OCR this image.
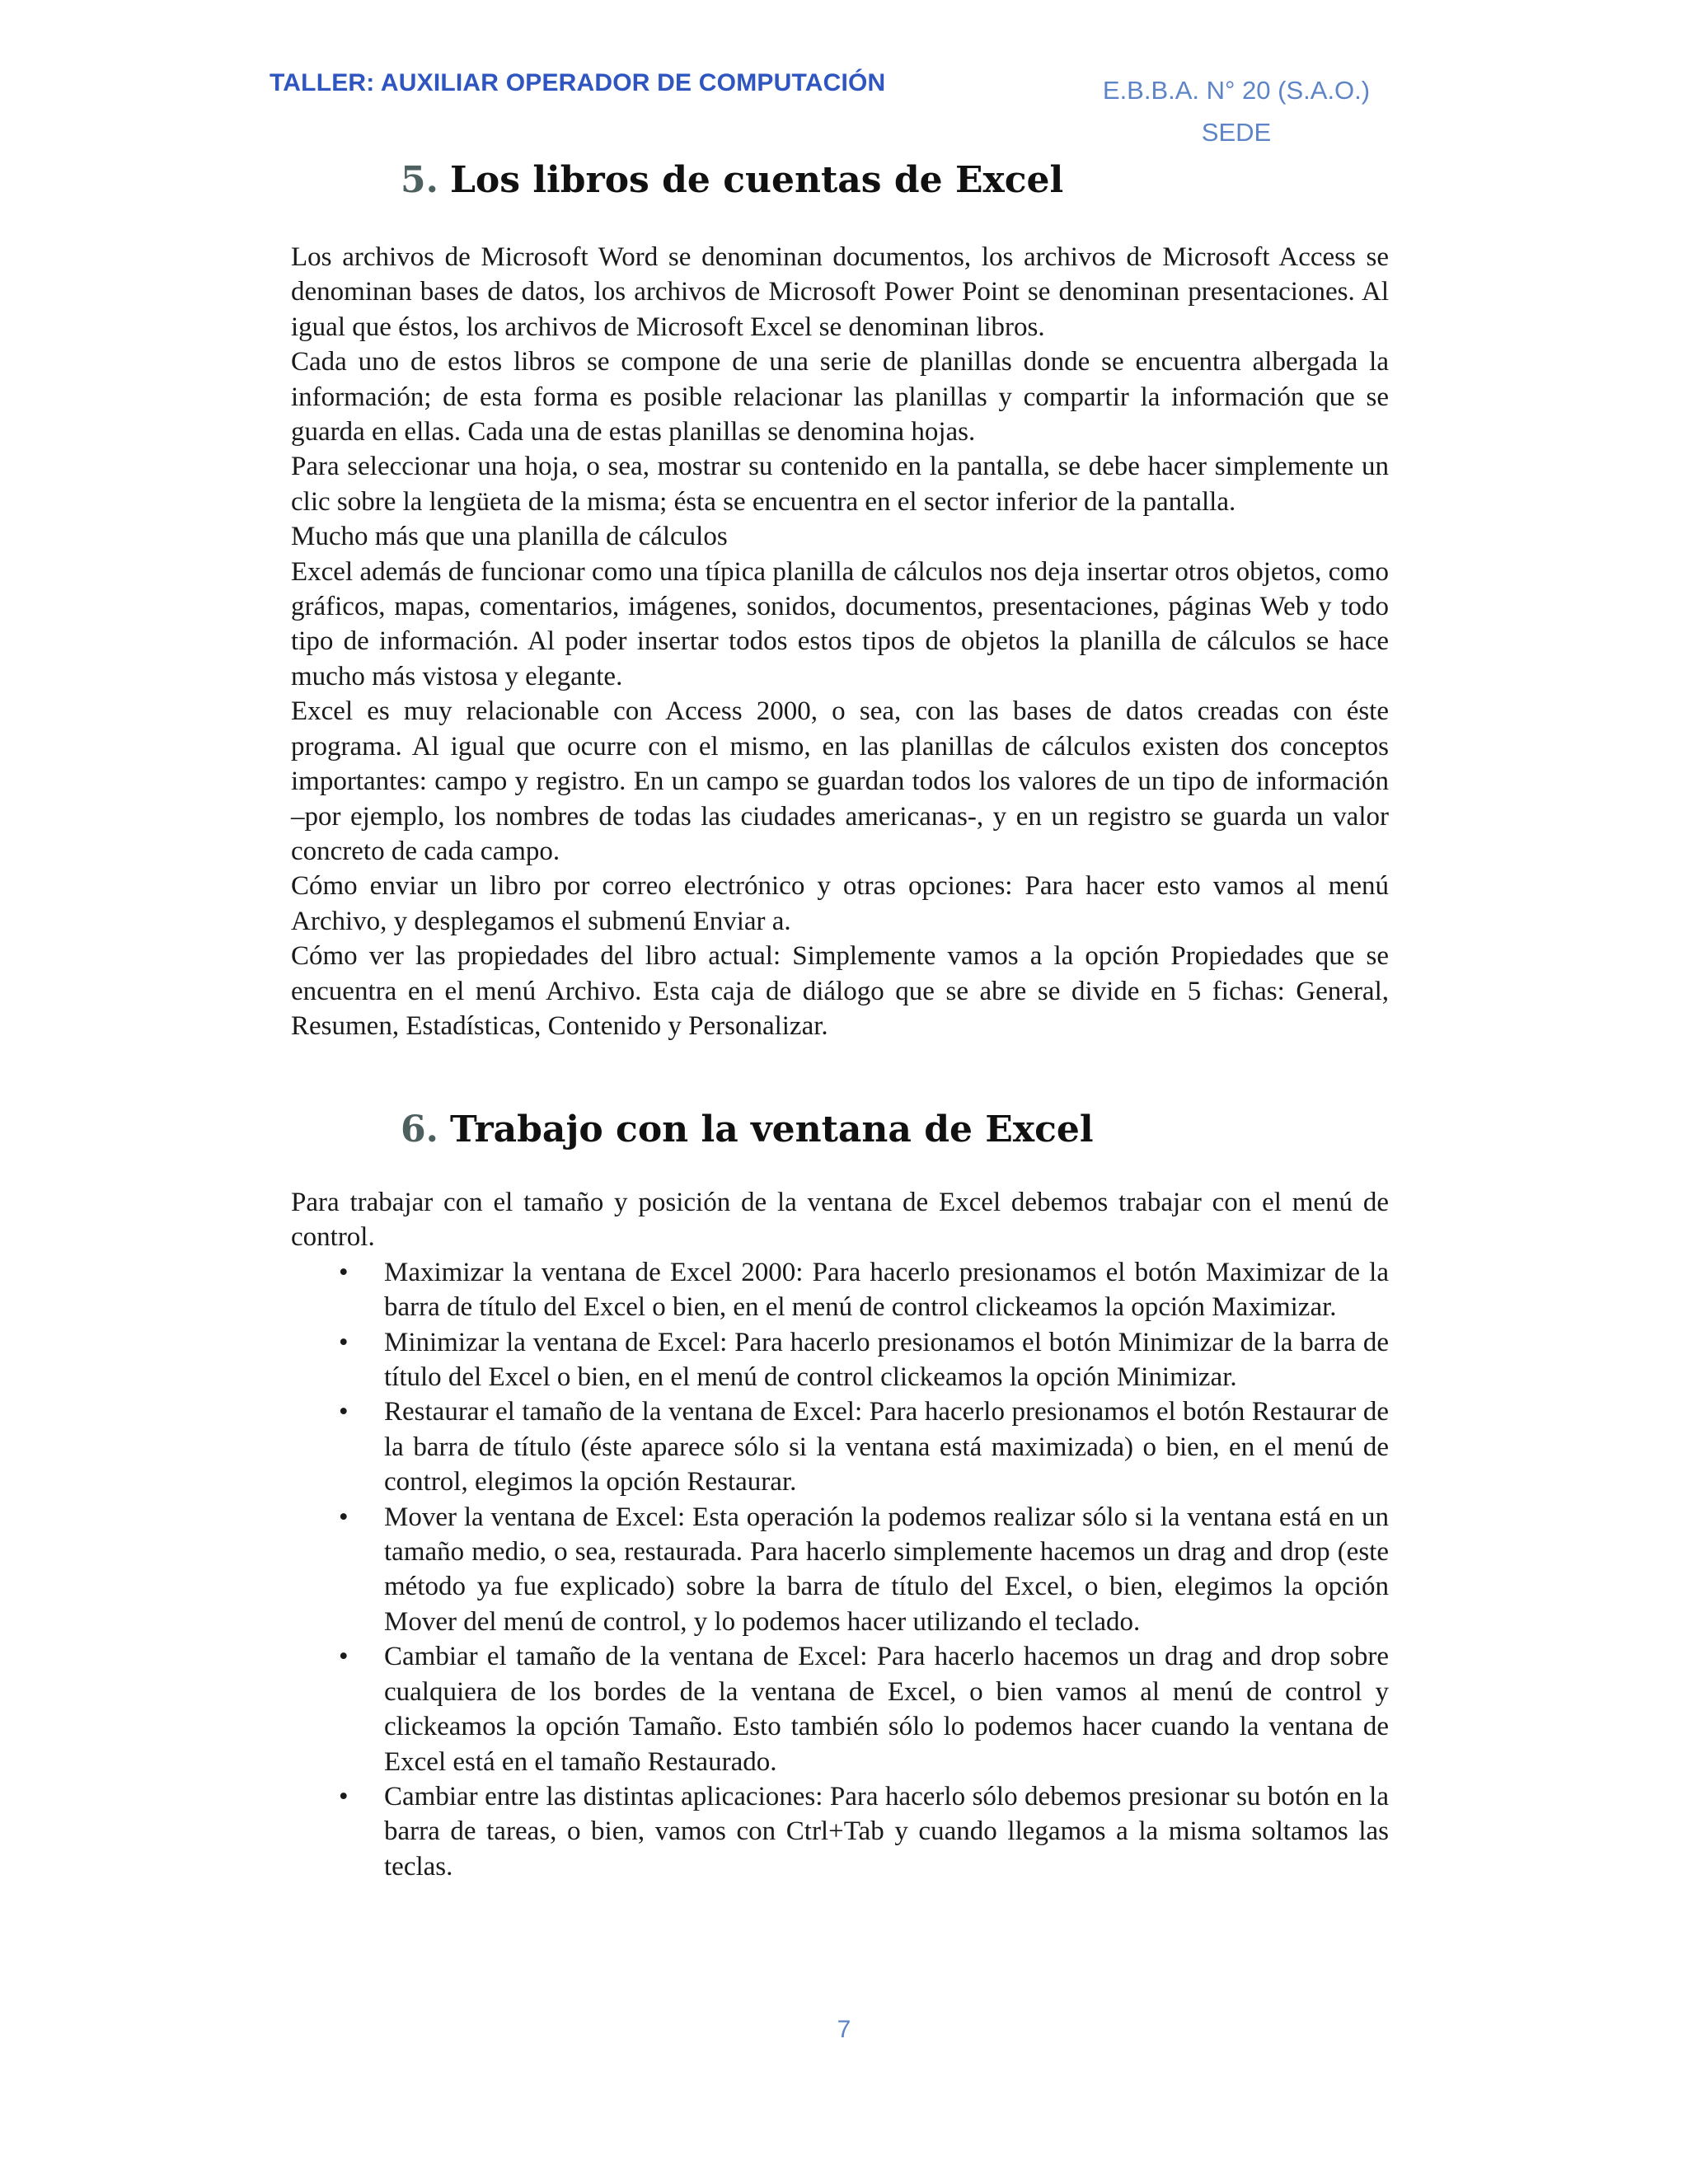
TALLER: AUXILIAR OPERADOR DE COMPUTACIÓN	E.B.B.A. N° 20 (S.A.O.)
SEDE
5. Los libros de cuentas de Excel

Los archivos de Microsoft Word se denominan documentos, los archivos de Microsoft Access se denominan bases de datos, los archivos de Microsoft Power Point se denominan presentaciones. Al igual que éstos, los archivos de Microsoft Excel se denominan libros.

Cada uno de estos libros se compone de una serie de planillas donde se encuentra albergada la información; de esta forma es posible relacionar las planillas y compartir la información que se guarda en ellas. Cada una de estas planillas se denomina hojas.

Para seleccionar una hoja, o sea, mostrar su contenido en la pantalla, se debe hacer simplemente un clic sobre la lengüeta de la misma; ésta se encuentra en el sector inferior de la pantalla.

Mucho más que una planilla de cálculos

Excel además de funcionar como una típica planilla de cálculos nos deja insertar otros objetos, como gráficos, mapas, comentarios, imágenes, sonidos, documentos, presentaciones, páginas Web y todo tipo de información. Al poder insertar todos estos tipos de objetos la planilla de cálculos se hace mucho más vistosa y elegante.

Excel es muy relacionable con Access 2000, o sea, con las bases de datos creadas con éste programa. Al igual que ocurre con el mismo, en las planillas de cálculos existen dos conceptos importantes: campo y registro. En un campo se guardan todos los valores de un tipo de información –por ejemplo, los nombres de todas las ciudades americanas-, y en un registro se guarda un valor concreto de cada campo.

Cómo enviar un libro por correo electrónico y otras opciones: Para hacer esto vamos al menú Archivo, y desplegamos el submenú Enviar a.

Cómo ver las propiedades del libro actual: Simplemente vamos a la opción Propiedades que se encuentra en el menú Archivo. Esta caja de diálogo que se abre se divide en 5 fichas: General, Resumen, Estadísticas, Contenido y Personalizar.

6. Trabajo con la ventana de Excel

Para trabajar con el tamaño y posición de la ventana de Excel debemos trabajar con el menú de control.

• Maximizar la ventana de Excel 2000: Para hacerlo presionamos el botón Maximizar de la barra de título del Excel o bien, en el menú de control clickeamos la opción Maximizar.
• Minimizar la ventana de Excel: Para hacerlo presionamos el botón Minimizar de la barra de título del Excel o bien, en el menú de control clickeamos la opción Minimizar.
• Restaurar el tamaño de la ventana de Excel: Para hacerlo presionamos el botón Restaurar de la barra de título (éste aparece sólo si la ventana está maximizada) o bien, en el menú de control, elegimos la opción Restaurar.
• Mover la ventana de Excel: Esta operación la podemos realizar sólo si la ventana está en un tamaño medio, o sea, restaurada. Para hacerlo simplemente hacemos un drag and drop (este método ya fue explicado) sobre la barra de título del Excel, o bien, elegimos la opción Mover del menú de control, y lo podemos hacer utilizando el teclado.
• Cambiar el tamaño de la ventana de Excel: Para hacerlo hacemos un drag and drop sobre cualquiera de los bordes de la ventana de Excel, o bien vamos al menú de control y clickeamos la opción Tamaño. Esto también sólo lo podemos hacer cuando la ventana de Excel está en el tamaño Restaurado.
• Cambiar entre las distintas aplicaciones: Para hacerlo sólo debemos presionar su botón en la barra de tareas, o bien, vamos con Ctrl+Tab y cuando llegamos a la misma soltamos las teclas.
7
